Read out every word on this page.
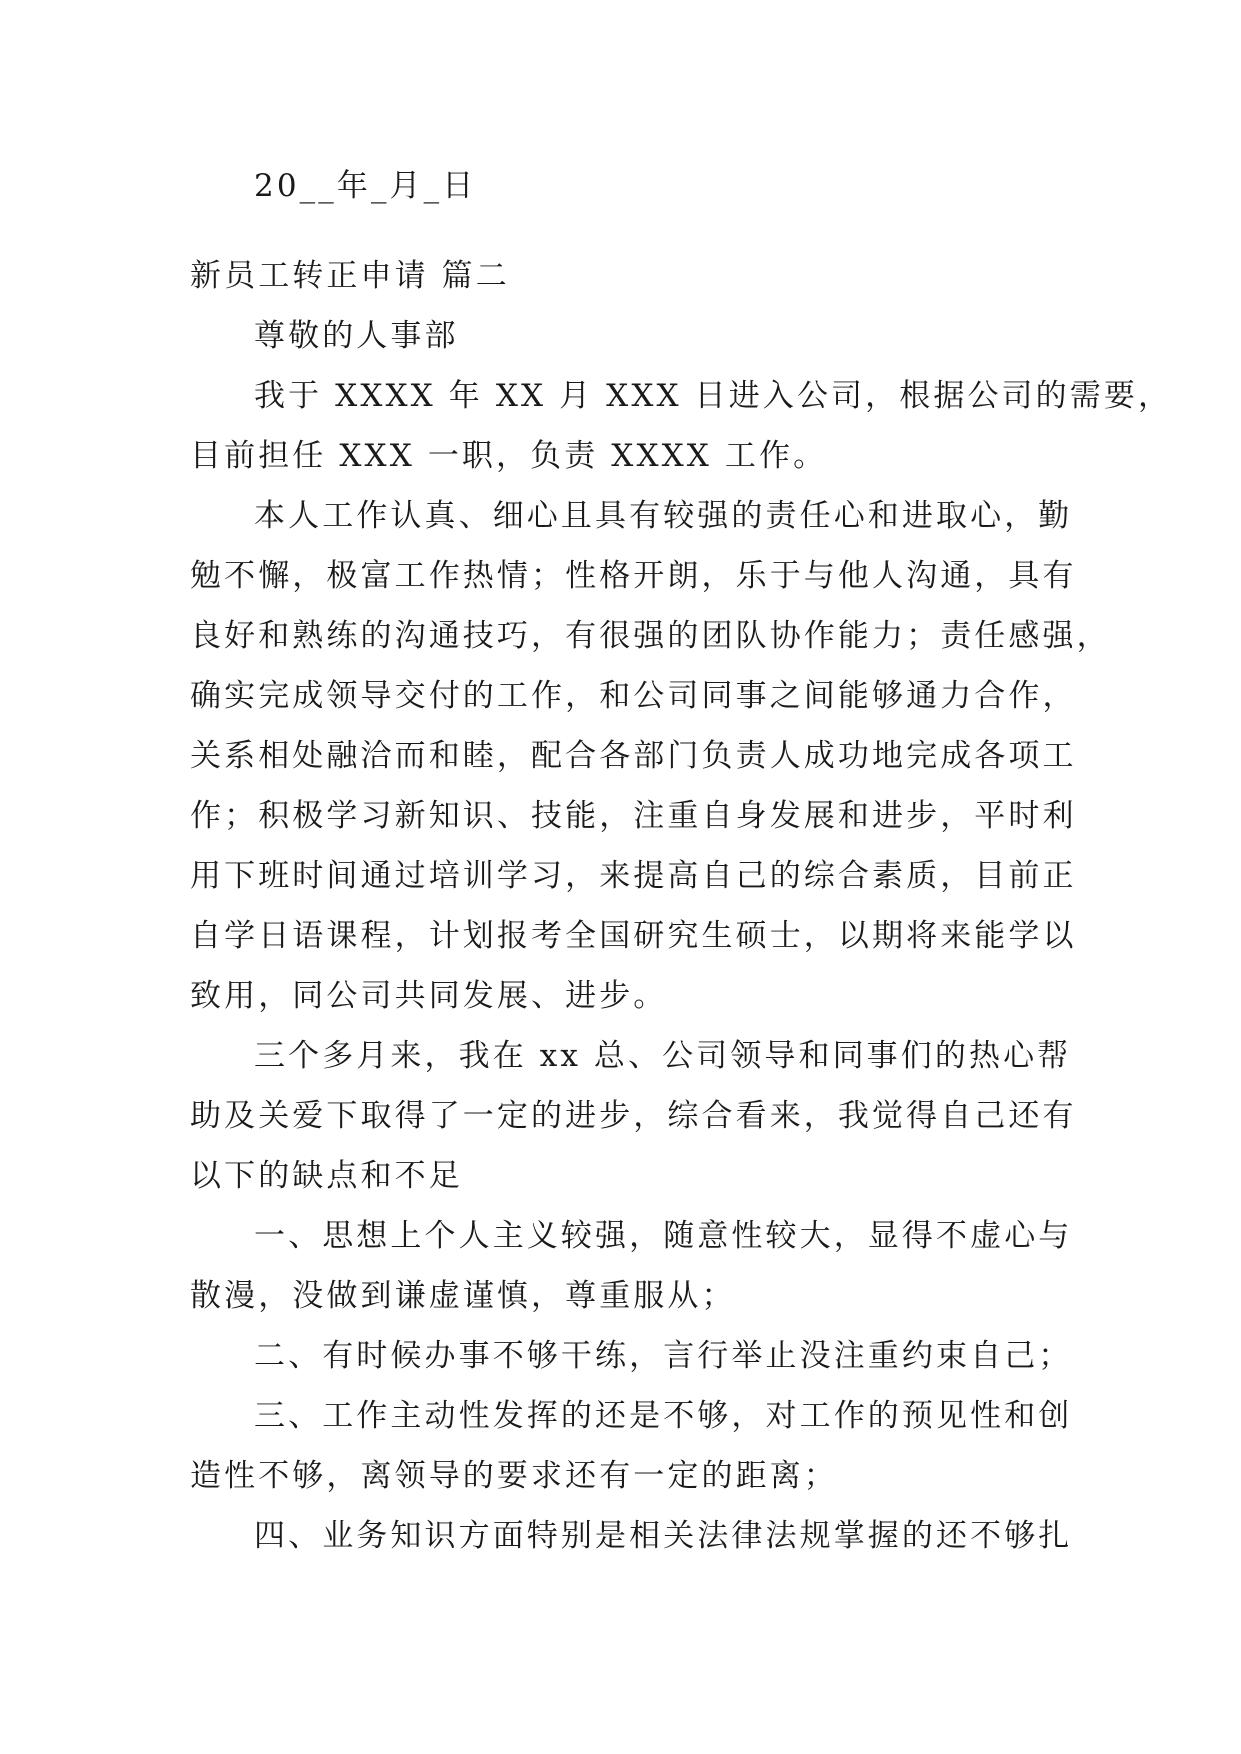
20__年_月_日
新员工转正申请 篇二
尊敬的人事部
我于 XXXX 年 XX 月 XXX 日进入公司，根据公司的需要，
目前担任 XXX 一职，负责 XXXX 工作。
本人工作认真、细心且具有较强的责任心和进取心，勤
勉不懈，极富工作热情；性格开朗，乐于与他人沟通，具有
良好和熟练的沟通技巧，有很强的团队协作能力；责任感强，
确实完成领导交付的工作，和公司同事之间能够通力合作，
关系相处融洽而和睦，配合各部门负责人成功地完成各项工
作；积极学习新知识、技能，注重自身发展和进步，平时利
用下班时间通过培训学习，来提高自己的综合素质，目前正
自学日语课程，计划报考全国研究生硕士，以期将来能学以
致用，同公司共同发展、进步。
三个多月来，我在 xx 总、公司领导和同事们的热心帮
助及关爱下取得了一定的进步，综合看来，我觉得自己还有
以下的缺点和不足
一、思想上个人主义较强，随意性较大，显得不虚心与
散漫，没做到谦虚谨慎，尊重服从；
二、有时候办事不够干练，言行举止没注重约束自己；
三、工作主动性发挥的还是不够，对工作的预见性和创
造性不够，离领导的要求还有一定的距离；
四、业务知识方面特别是相关法律法规掌握的还不够扎
